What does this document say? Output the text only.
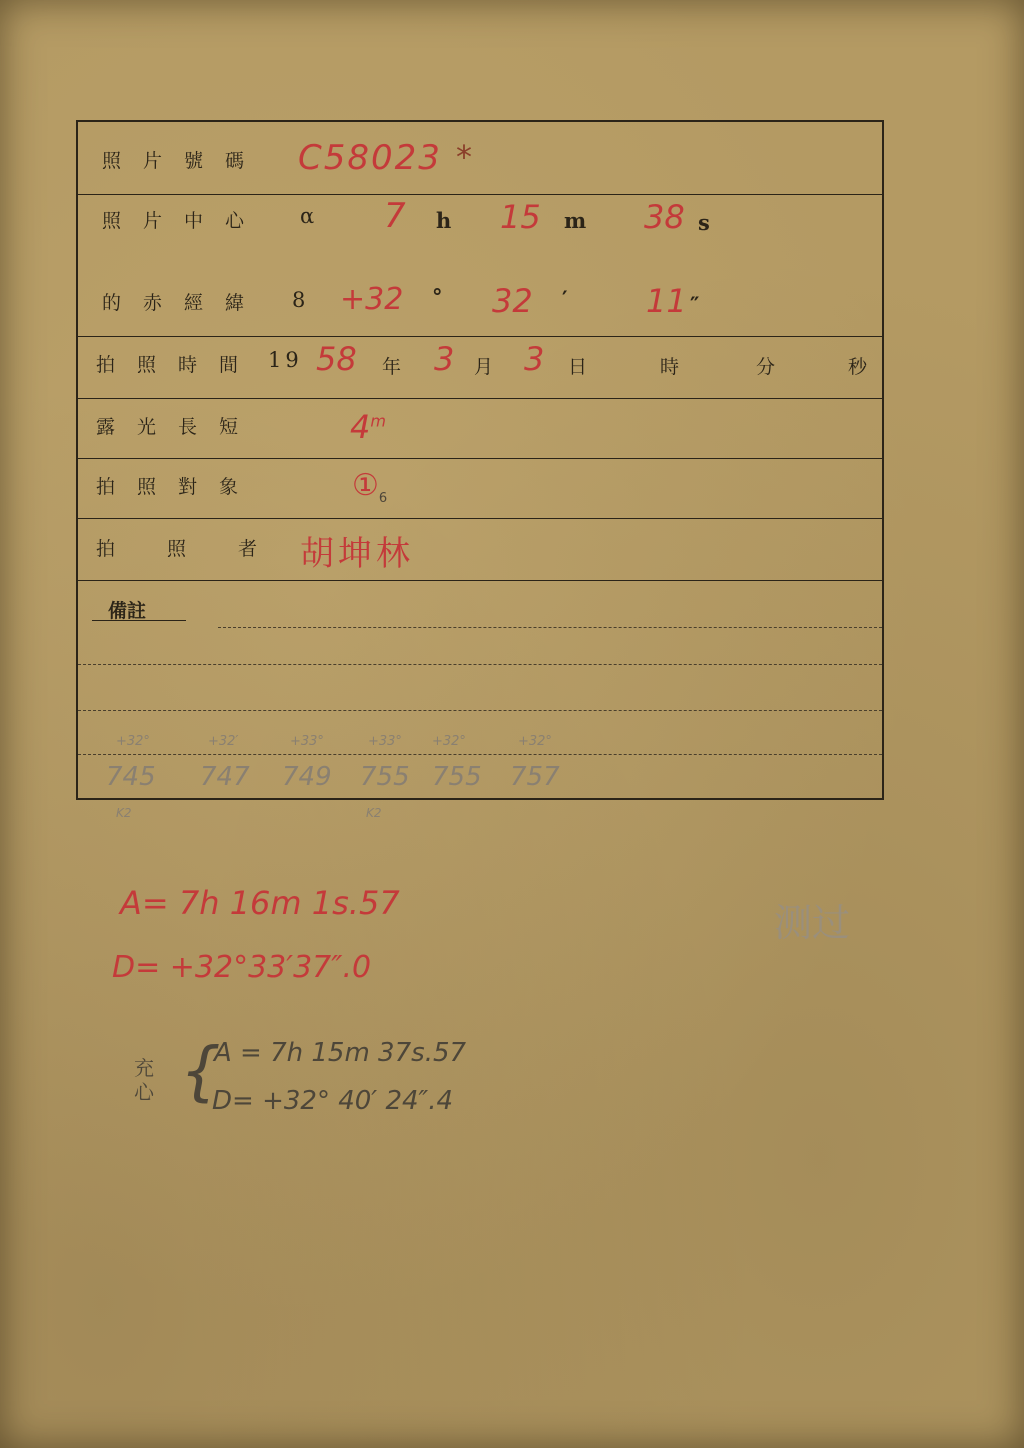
照 片 號 碼 C58023 *
照 片 中 心	α 7 h 15 m 38 s
的 赤 經 緯 8 +32 ° 32 ′ 11 ″
拍 照 時 間 19 58 年 3 月 3 日	時	分	秒
露 光 長 短	4$^m$
拍 照 對 象	$①_6$
拍	照	者 胡坤林
備註
+32°	+32′	+33°	+33° +32°	+32°
745 747 749 755 755 757
K2	K2
A= 7h 16m 1s.57
D= +32°33′37″.0
充心 {
A = 7h 15m 37s.57
D= +32° 40′ 24″.4
测过
